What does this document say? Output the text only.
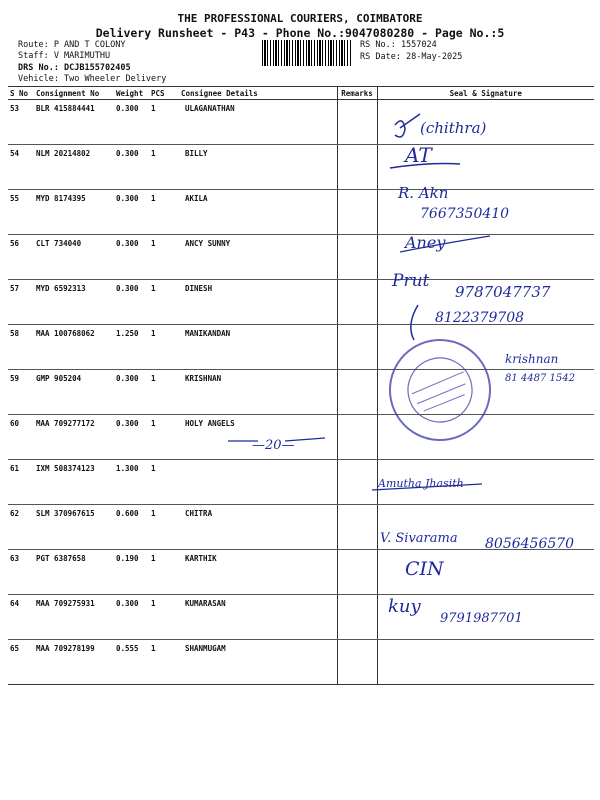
THE PROFESSIONAL COURIERS, COIMBATORE
Delivery Runsheet - P43 - Phone No.:9047080280 - Page No.:5
Route: P AND T COLONY
Staff: V MARIMUTHU
DRS No.: DCJB155702405
Vehicle: Two Wheeler Delivery
RS No.: 1557024
RS Date: 28-May-2025
S No	Consignment No	Weight	PCS	Consignee Details	Remarks	Seal & Signature
53	BLR 415884441	0.300	1	ULAGANATHAN		
54	NLM 20214802	0.300	1	BILLY		
55	MYD 8174395	0.300	1	AKILA		
56	CLT 734040	0.300	1	ANCY SUNNY		
57	MYD 6592313	0.300	1	DINESH		
58	MAA 100768062	1.250	1	MANIKANDAN		
59	GMP 905204	0.300	1	KRISHNAN		
60	MAA 709277172	0.300	1	HOLY ANGELS		
61	IXM 508374123	1.300	1			
62	SLM 370967615	0.600	1	CHITRA		
63	PGT 6387658	0.190	1	KARTHIK		
64	MAA 709275931	0.300	1	KUMARASAN		
65	MAA 709278199	0.555	1	SHANMUGAM		
(chithra)
AT
R. Akn
7667350410
Aney
Prut
9787047737
8122379708
krishnan
81 4487 1542
—20—
Amutha Jhasith
V. Sivarama 8056456570
CIN
kuy
9791987701
